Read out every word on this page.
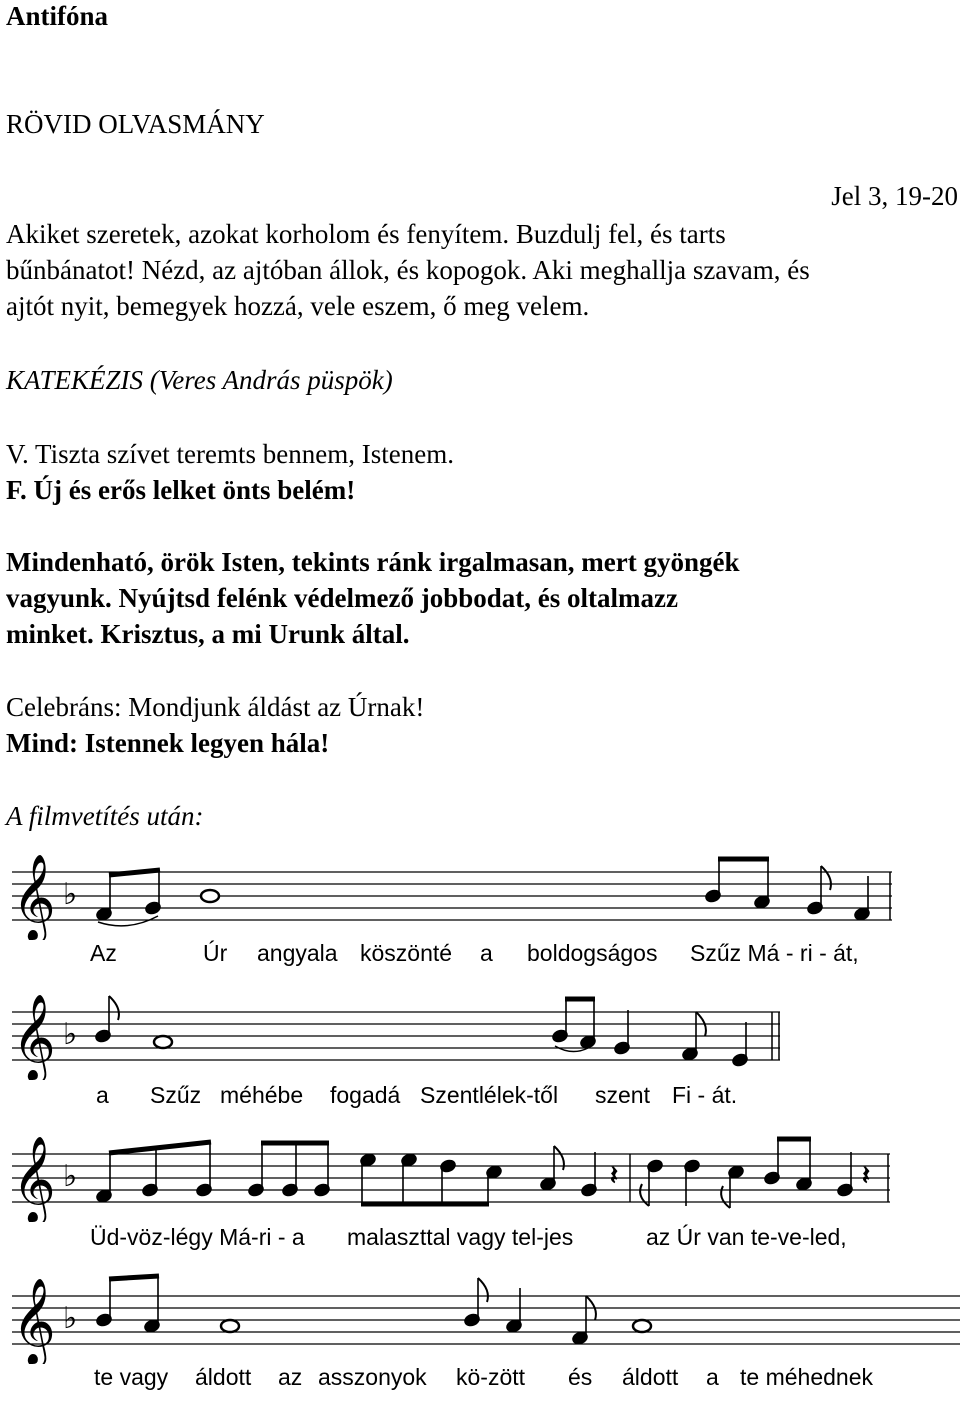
Antifóna
RÖVID OLVASMÁNY
Jel 3, 19-20
Akiket szeretek, azokat korholom és fenyítem. Buzdulj fel, és tarts
bűnbánatot! Nézd, az ajtóban állok, és kopogok. Aki meghallja szavam, és
ajtót nyit, bemegyek hozzá, vele eszem, ő meg velem.
KATEKÉZIS (Veres András püspök)
V. Tiszta szívet teremts bennem, Istenem.
F. Új és erős lelket önts belém!
Mindenható, örök Isten, tekints ránk irgalmasan, mert gyöngék
vagyunk. Nyújtsd felénk védelmező jobbodat, és oltalmazz
minket. Krisztus, a mi Urunk által.
Celebráns: Mondjunk áldást az Úrnak!
Mind: Istennek legyen hála!
A filmvetítés után:
𝄞 ♭
Az	Úr angyala köszönté a boldogságos Szűz Má - ri - át,
𝄞 ♭
a Szűz méhébe fogadá Szentlélek-től szent Fi - át.
𝄞 ♭	𝄽	𝄽
Üd-vöz-légy Má-ri - a malaszttal vagy tel-jes	az Úr van te-ve-led,
𝄞 ♭
te vagy áldott az asszonyok kö-zött és áldott a te méhednek
